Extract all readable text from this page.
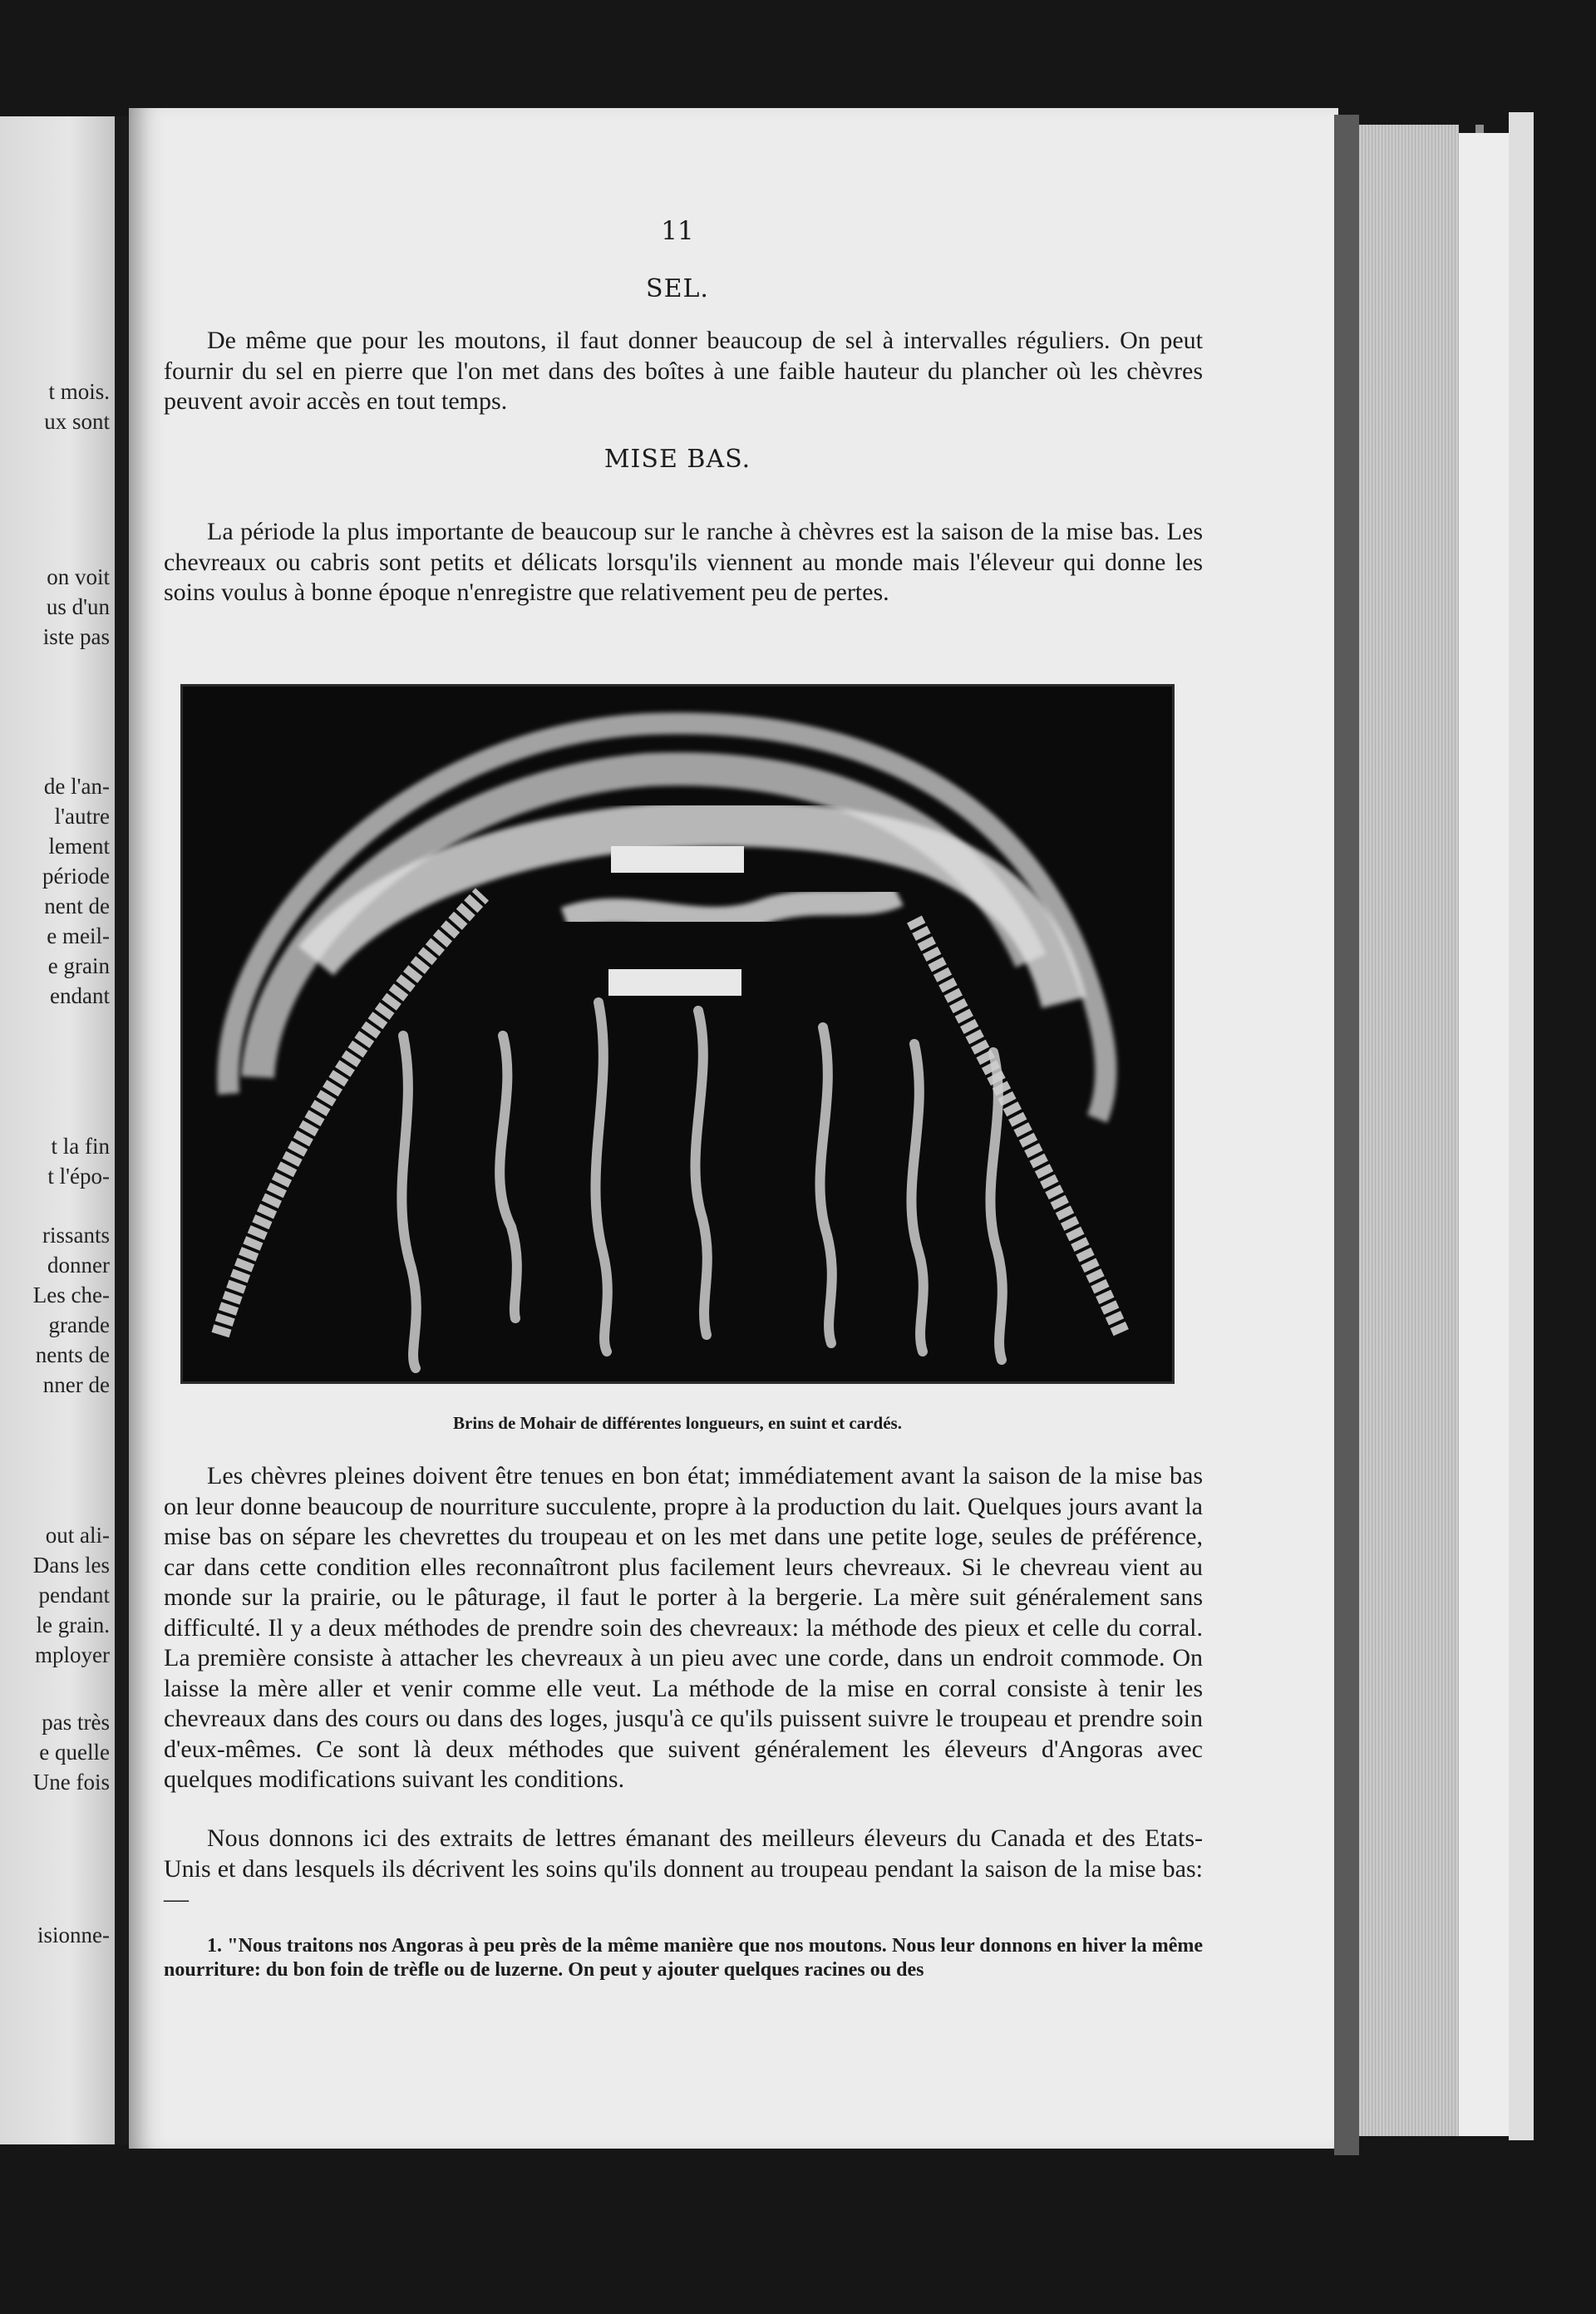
t mois.

ux sont

on voit

us d'un

iste pas

de l'an-

l'autre

lement

période

nent de

e meil-

e grain

endant

t la fin

t l'épo-

rissants

donner

Les che-

grande

nents de

nner de

out ali-

Dans les

pendant

le grain.

mployer

pas très

e quelle

Une fois

isionne-

11

SEL.

De même que pour les moutons, il faut donner beaucoup de sel à intervalles réguliers. On peut fournir du sel en pierre que l'on met dans des boîtes à une faible hauteur du plancher où les chèvres peuvent avoir accès en tout temps.

MISE BAS.

La période la plus importante de beaucoup sur le ranche à chèvres est la saison de la mise bas. Les chevreaux ou cabris sont petits et délicats lorsqu'ils viennent au monde mais l'éleveur qui donne les soins voulus à bonne époque n'enregistre que relativement peu de pertes.

Brins de Mohair de différentes longueurs, en suint et cardés.

Les chèvres pleines doivent être tenues en bon état; immédiatement avant la saison de la mise bas on leur donne beaucoup de nourriture succulente, propre à la production du lait. Quelques jours avant la mise bas on sépare les chevrettes du troupeau et on les met dans une petite loge, seules de préférence, car dans cette condition elles reconnaîtront plus facilement leurs chevreaux. Si le chevreau vient au monde sur la prairie, ou le pâturage, il faut le porter à la bergerie. La mère suit généralement sans difficulté. Il y a deux méthodes de prendre soin des chevreaux: la méthode des pieux et celle du corral. La première consiste à attacher les chevreaux à un pieu avec une corde, dans un endroit commode. On laisse la mère aller et venir comme elle veut. La méthode de la mise en corral consiste à tenir les chevreaux dans des cours ou dans des loges, jusqu'à ce qu'ils puissent suivre le troupeau et prendre soin d'eux-mêmes. Ce sont là deux méthodes que suivent généralement les éleveurs d'Angoras avec quelques modifications suivant les conditions.

Nous donnons ici des extraits de lettres émanant des meilleurs éleveurs du Canada et des Etats-Unis et dans lesquels ils décrivent les soins qu'ils donnent au troupeau pendant la saison de la mise bas:—

1. "Nous traitons nos Angoras à peu près de la même manière que nos moutons. Nous leur donnons en hiver la même nourriture: du bon foin de trèfle ou de luzerne. On peut y ajouter quelques racines ou des
